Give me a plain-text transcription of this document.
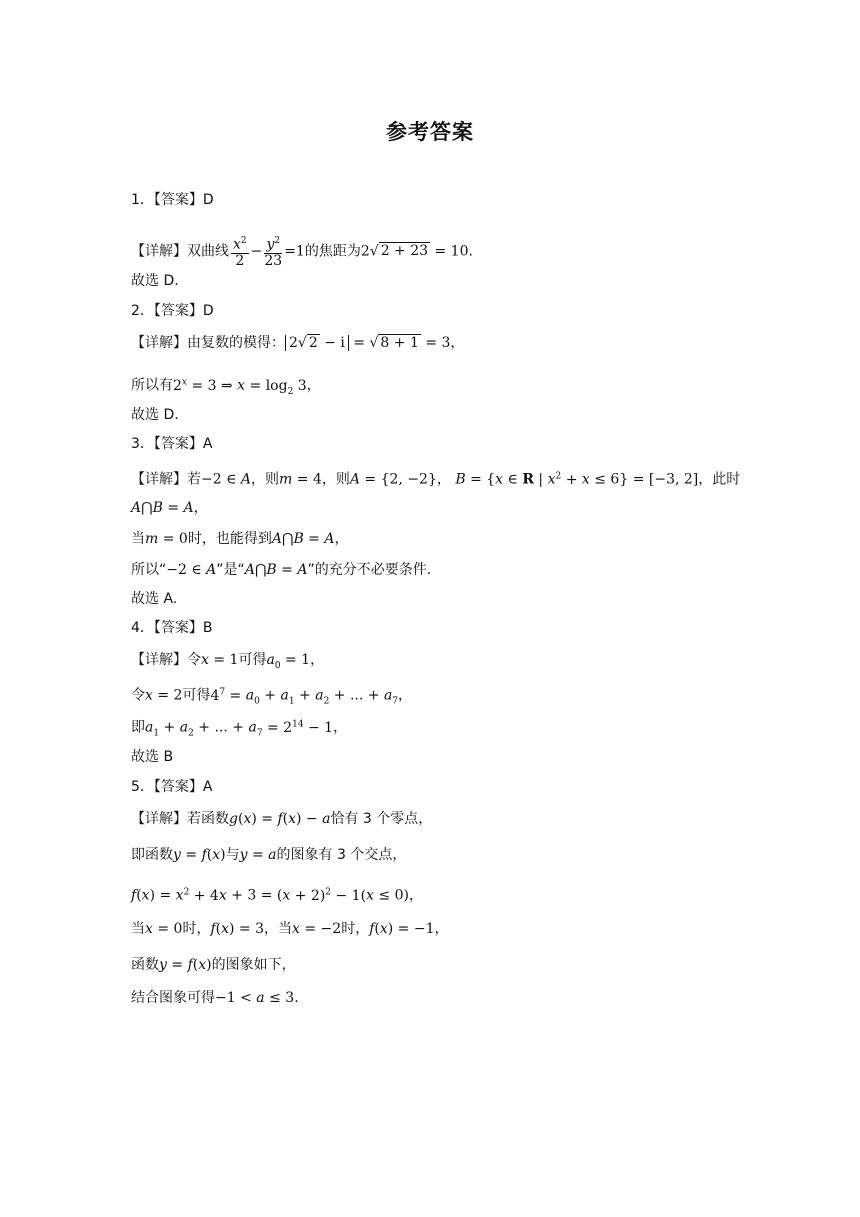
参考答案
1．【答案】D
【详解】双曲线 $\frac{x^2}{2} - \frac{y^2}{23} =1$的焦距为2√ 2 + 23 = 10.
故选 D.
2．【答案】D
【详解】由复数的模得： 2√ 2 − i = √ 8 + 1 = 3，
所以有$2^x = 3$ ⇒ $x = \log_2 3$，
故选 D.
3．【答案】A
【详解】若−2 ∈ A，则m = 4，则A = {2, −2}， B = {x ∈ R | $x^2 + x \le 6\} = [-3$, 2]，此时
A⋂B = A，
当m = 0时，也能得到A⋂B = A，
所以“−2 ∈ A”是“A⋂B = A”的充分不必要条件.
故选 A.
4．【答案】B
【详解】令x = 1可得$a_0 = 1$，
令x = 2可得$4^7 = a_0 + a_1 + a_2$ + ... + $a_7$，
即$a_1 + a_2$ + ... + $a_7 = 2^{14} - 1$，
故选 B
5．【答案】A
【详解】若函数g(x) = f(x) − a恰有 3 个零点，
即函数y = f(x)与y = a的图象有 3 个交点，
$f(x) = x^2 + 4x + 3 = (x + 2)^2 - 1(x \le 0)$，
当x = 0时，f(x) = 3，当x = −2时，f(x) = −1，
函数y = f(x)的图象如下，
结合图象可得−1 < a ≤ 3.
